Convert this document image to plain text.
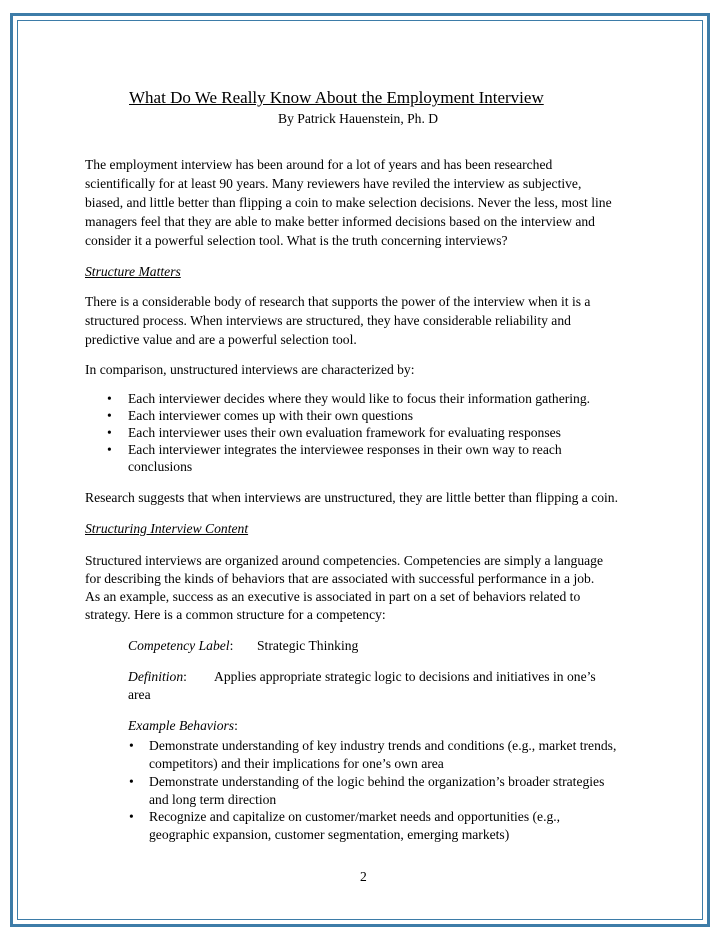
What Do We Really Know About the Employment Interview
By Patrick Hauenstein, Ph. D
The employment interview has been around for a lot of years and has been researched
scientifically for at least 90 years. Many reviewers have reviled the interview as subjective,
biased, and little better than flipping a coin to make selection decisions. Never the less, most line
managers feel that they are able to make better informed decisions based on the interview and
consider it a powerful selection tool. What is the truth concerning interviews?
Structure Matters
There is a considerable body of research that supports the power of the interview when it is a
structured process. When interviews are structured, they have considerable reliability and
predictive value and are a powerful selection tool.
In comparison, unstructured interviews are characterized by:
• Each interviewer decides where they would like to focus their information gathering.
• Each interviewer comes up with their own questions
• Each interviewer uses their own evaluation framework for evaluating responses
• Each interviewer integrates the interviewee responses in their own way to reach
conclusions
Research suggests that when interviews are unstructured, they are little better than flipping a coin.
Structuring Interview Content
Structured interviews are organized around competencies. Competencies are simply a language
for describing the kinds of behaviors that are associated with successful performance in a job.
As an example, success as an executive is associated in part on a set of behaviors related to
strategy. Here is a common structure for a competency:
Competency Label: Strategic Thinking
Definition: Applies appropriate strategic logic to decisions and initiatives in one’s
area
Example Behaviors:
• Demonstrate understanding of key industry trends and conditions (e.g., market trends,
competitors) and their implications for one’s own area
• Demonstrate understanding of the logic behind the organization’s broader strategies
and long term direction
• Recognize and capitalize on customer/market needs and opportunities (e.g.,
geographic expansion, customer segmentation, emerging markets)
2
